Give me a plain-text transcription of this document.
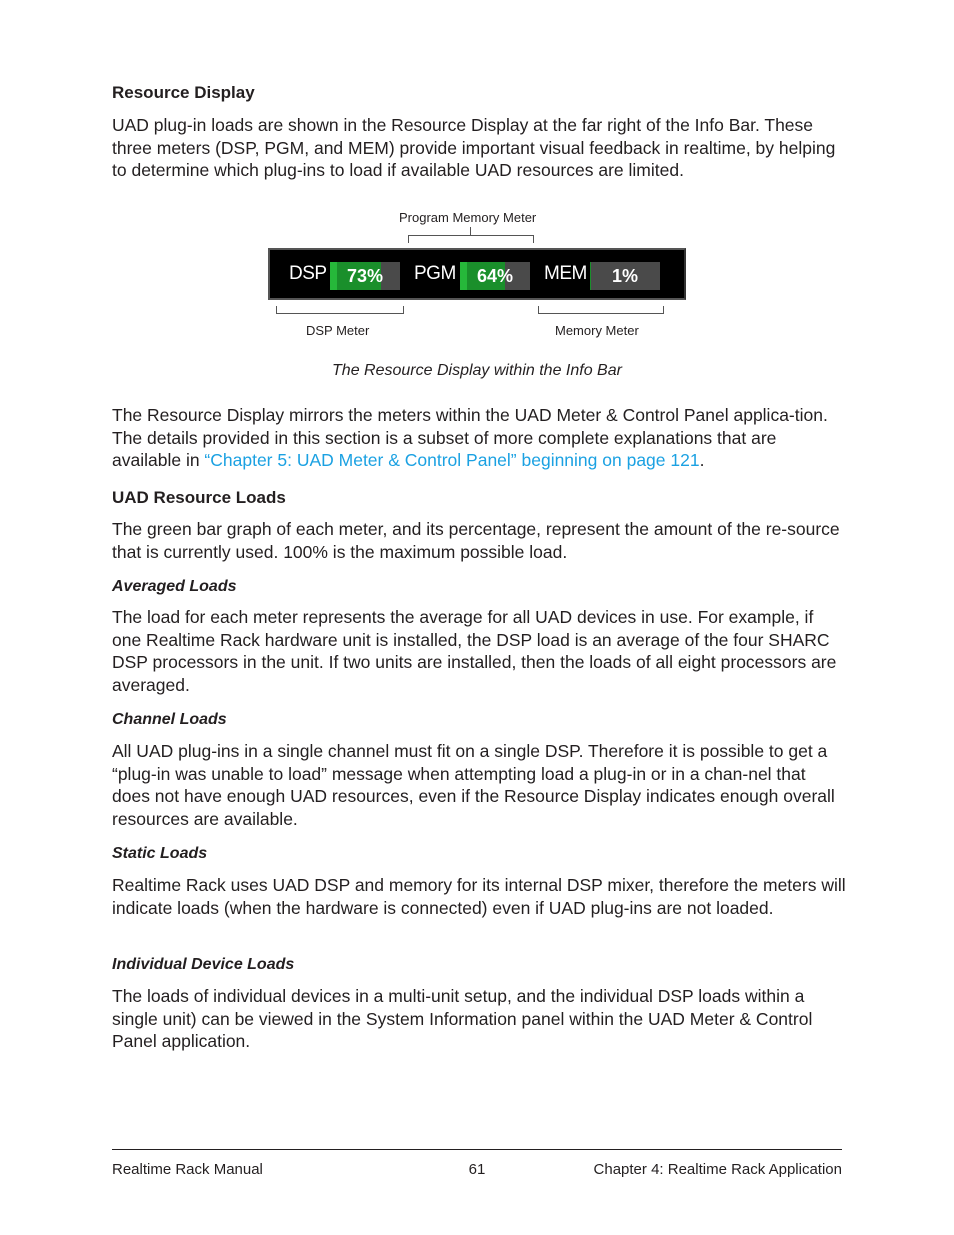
Resource Display

UAD plug-in loads are shown in the Resource Display at the far right of the Info Bar. These three meters (DSP, PGM, and MEM) provide important visual feedback in realtime, by helping to determine which plug-ins to load if available UAD resources are limited.

Program Memory Meter
DSP	73%	PGM	64%	MEM	1%
DSP Meter	Memory Meter
The Resource Display within the Info Bar

The Resource Display mirrors the meters within the UAD Meter & Control Panel applica-tion. The details provided in this section is a subset of more complete explanations that are available in “Chapter 5: UAD Meter & Control Panel” beginning on page 121.

UAD Resource Loads

The green bar graph of each meter, and its percentage, represent the amount of the re-source that is currently used. 100% is the maximum possible load.

Averaged Loads

The load for each meter represents the average for all UAD devices in use. For example, if one Realtime Rack hardware unit is installed, the DSP load is an average of the four SHARC DSP processors in the unit. If two units are installed, then the loads of all eight processors are averaged.

Channel Loads

All UAD plug-ins in a single channel must fit on a single DSP. Therefore it is possible to get a “plug-in was unable to load” message when attempting load a plug-in or in a chan-nel that does not have enough UAD resources, even if the Resource Display indicates enough overall resources are available.

Static Loads

Realtime Rack uses UAD DSP and memory for its internal DSP mixer, therefore the meters will indicate loads (when the hardware is connected) even if UAD plug-ins are not loaded.

Individual Device Loads

The loads of individual devices in a multi-unit setup, and the individual DSP loads within a single unit) can be viewed in the System Information panel within the UAD Meter & Control Panel application.

Realtime Rack Manual	61	Chapter 4: Realtime Rack Application
